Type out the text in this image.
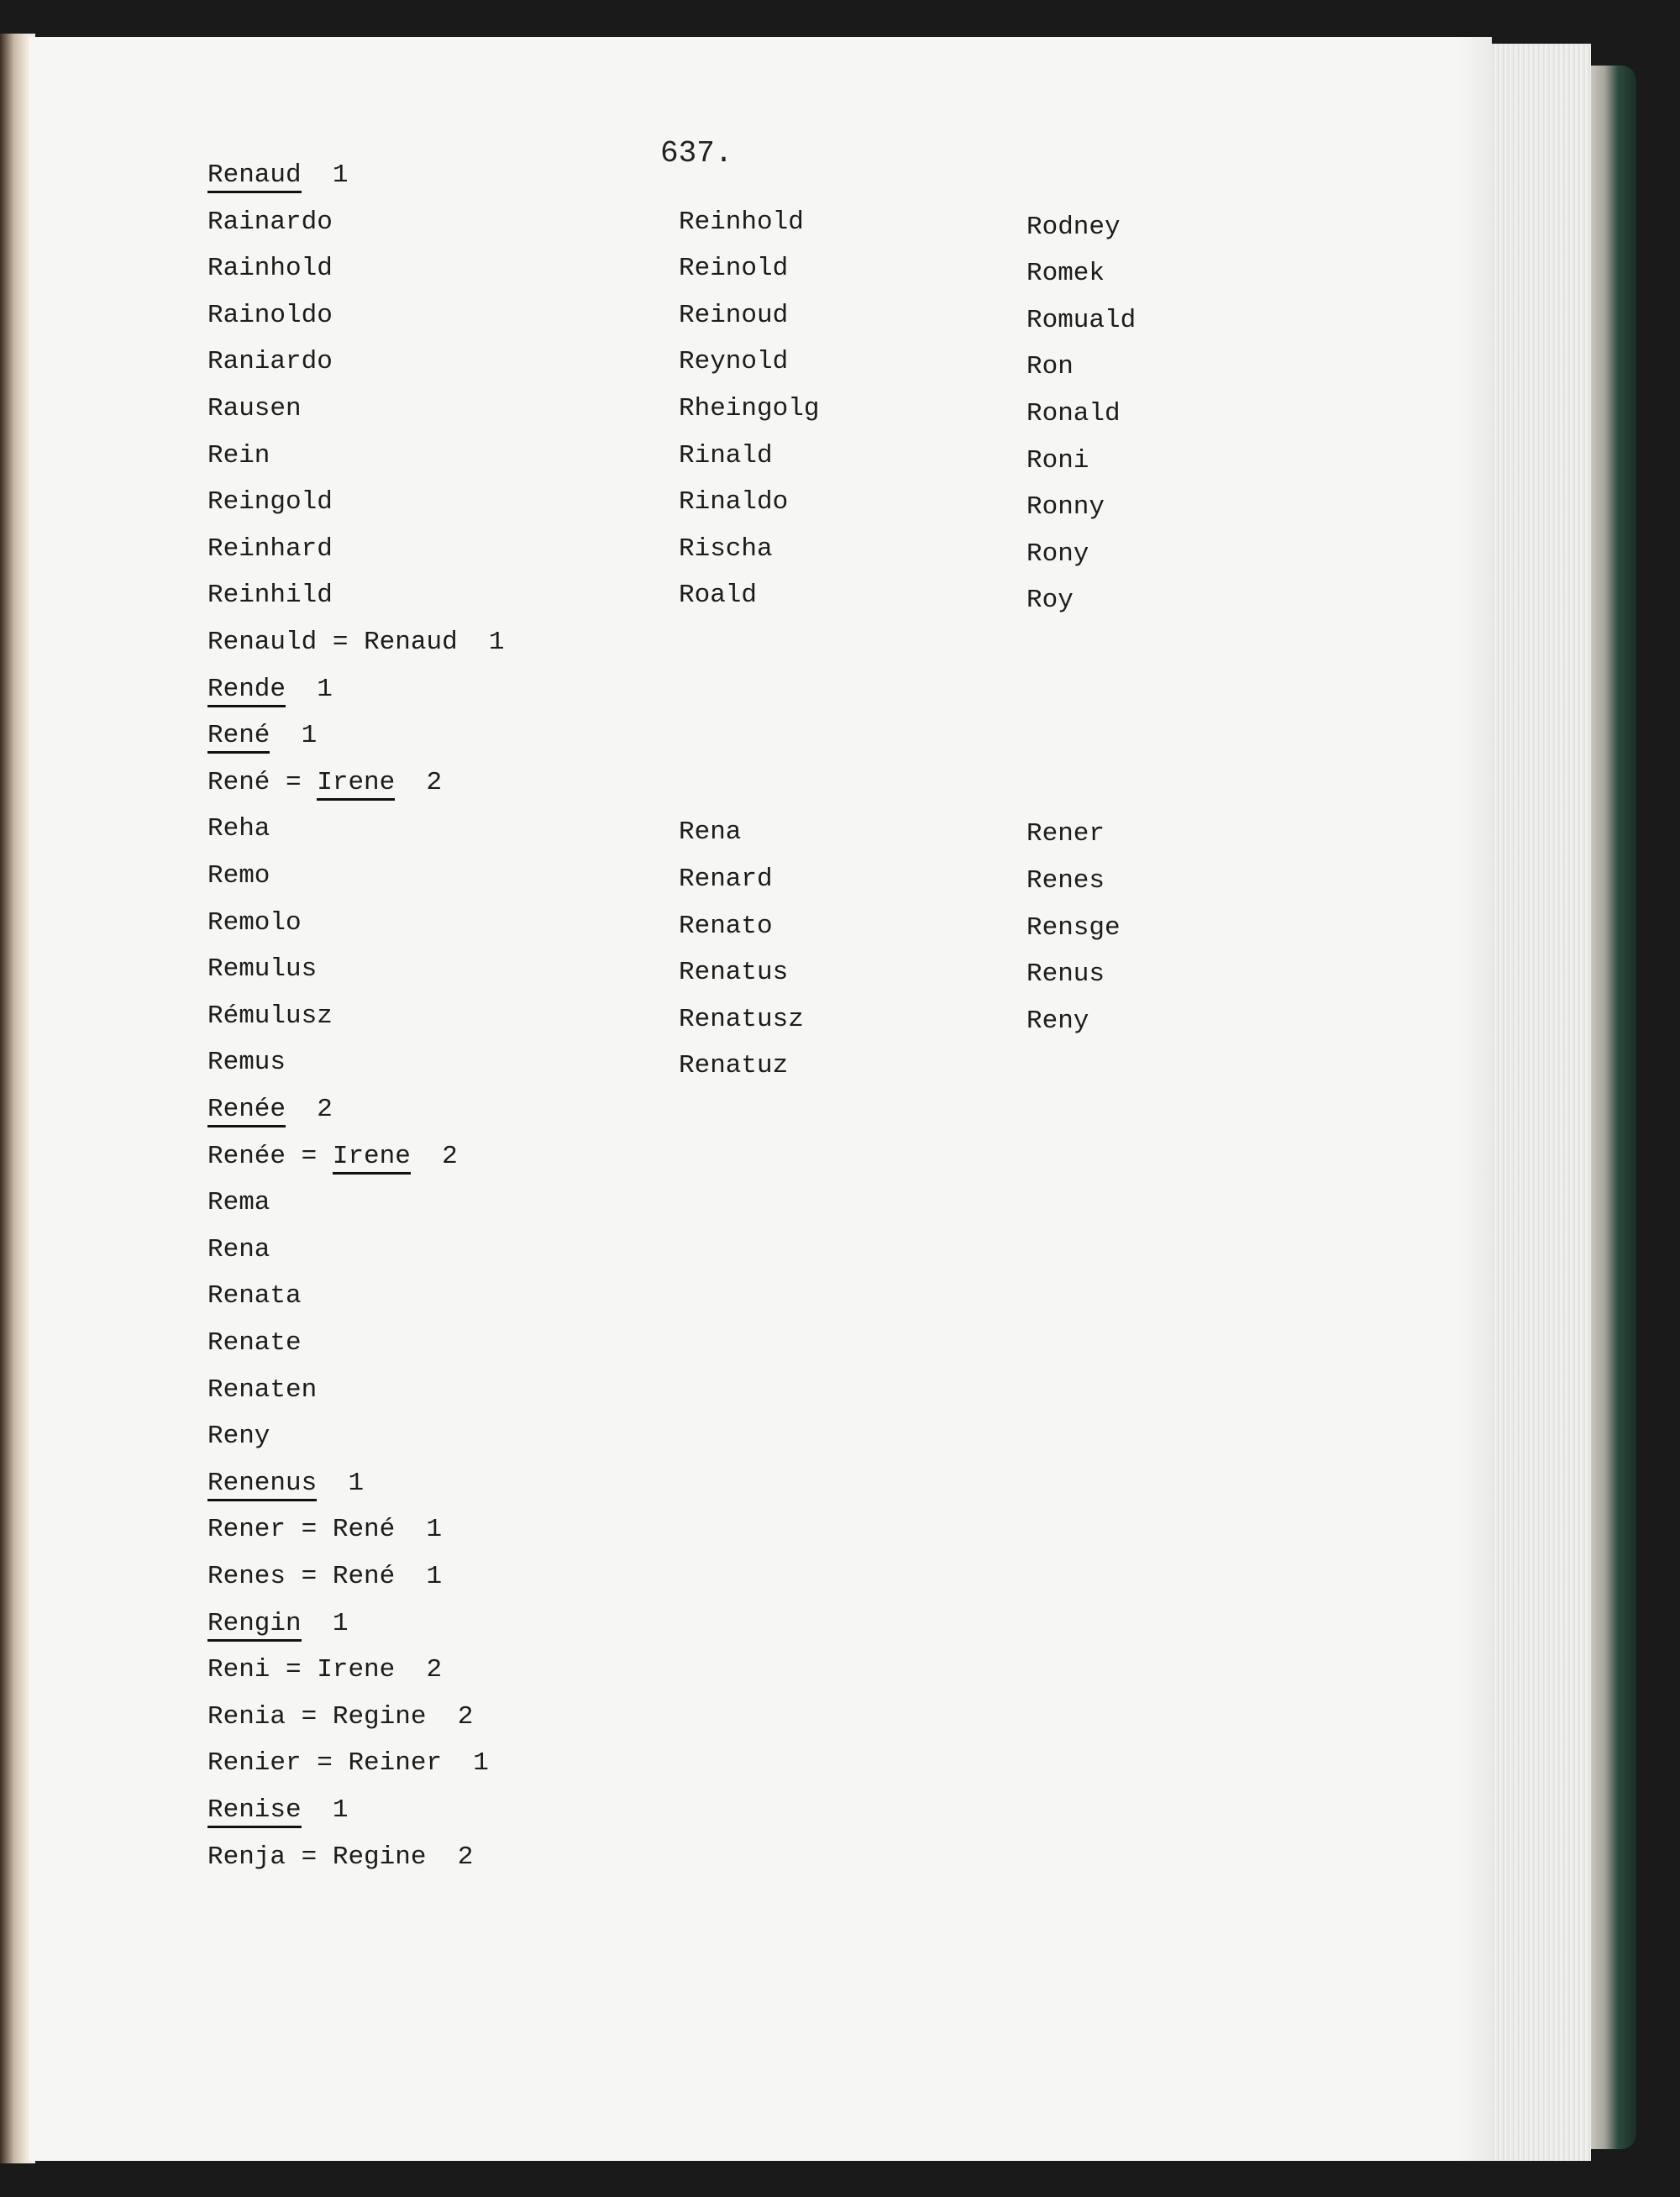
637.
Renaud 1
Rainardo
Rainhold
Rainoldo
Raniardo
Rausen
Rein
Reingold
Reinhard
Reinhild
Renauld = Renaud 1
Rende 1
René 1
René = Irene 2
Reha
Remo
Remolo
Remulus
Rémulusz
Remus
Renée 2
Renée = Irene 2
Rema
Rena
Renata
Renate
Renaten
Reny
Renenus 1
Rener = René 1
Renes = René 1
Rengin 1
Reni = Irene 2
Renia = Regine 2
Renier = Reiner 1
Renise 1
Renja = Regine 2
Reinhold
Reinold
Reinoud
Reynold
Rheingolg
Rinald
Rinaldo
Rischa
Roald
Rodney
Romek
Romuald
Ron
Ronald
Roni
Ronny
Rony
Roy
Rena
Renard
Renato
Renatus
Renatusz
Renatuz
Rener
Renes
Rensge
Renus
Reny
